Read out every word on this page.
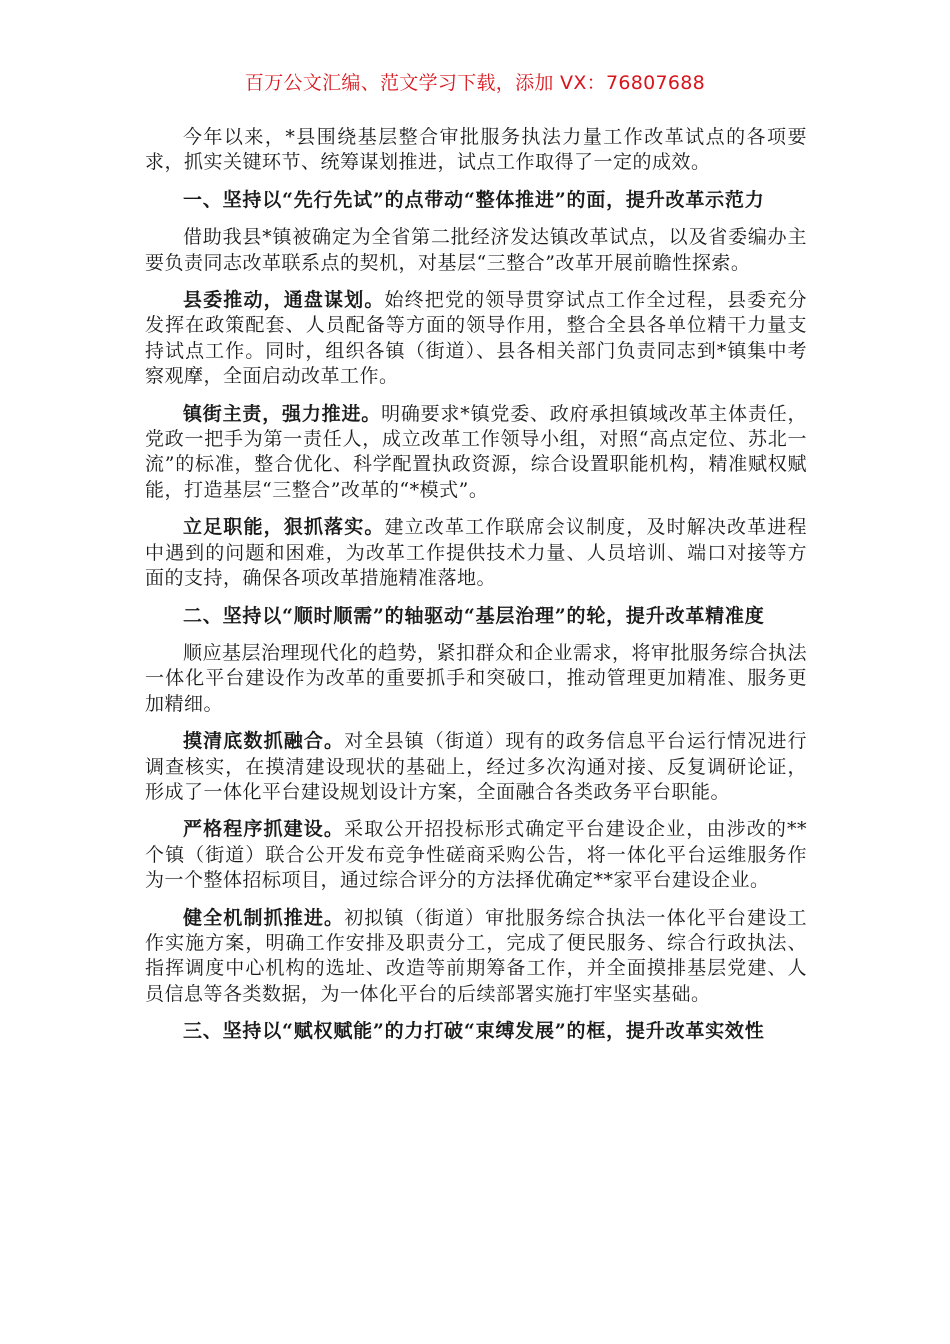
百万公文汇编、范文学习下载，添加 VX：76807688

今年以来，*县围绕基层整合审批服务执法力量工作改革试点的各项要求，抓实关键环节、统筹谋划推进，试点工作取得了一定的成效。

一、坚持以“先行先试”的点带动“整体推进”的面，提升改革示范力

借助我县*镇被确定为全省第二批经济发达镇改革试点，以及省委编办主要负责同志改革联系点的契机，对基层“三整合”改革开展前瞻性探索。

县委推动，通盘谋划。始终把党的领导贯穿试点工作全过程，县委充分发挥在政策配套、人员配备等方面的领导作用，整合全县各单位精干力量支持试点工作。同时，组织各镇（街道）、县各相关部门负责同志到*镇集中考察观摩，全面启动改革工作。

镇街主责，强力推进。明确要求*镇党委、政府承担镇域改革主体责任，党政一把手为第一责任人，成立改革工作领导小组，对照“高点定位、苏北一流”的标准，整合优化、科学配置执政资源，综合设置职能机构，精准赋权赋能，打造基层“三整合”改革的“*模式”。

立足职能，狠抓落实。建立改革工作联席会议制度，及时解决改革进程中遇到的问题和困难，为改革工作提供技术力量、人员培训、端口对接等方面的支持，确保各项改革措施精准落地。

二、坚持以“顺时顺需”的轴驱动“基层治理”的轮，提升改革精准度

顺应基层治理现代化的趋势，紧扣群众和企业需求，将审批服务综合执法一体化平台建设作为改革的重要抓手和突破口，推动管理更加精准、服务更加精细。

摸清底数抓融合。对全县镇（街道）现有的政务信息平台运行情况进行调查核实，在摸清建设现状的基础上，经过多次沟通对接、反复调研论证，形成了一体化平台建设规划设计方案，全面融合各类政务平台职能。

严格程序抓建设。采取公开招投标形式确定平台建设企业，由涉改的**个镇（街道）联合公开发布竞争性磋商采购公告，将一体化平台运维服务作为一个整体招标项目，通过综合评分的方法择优确定**家平台建设企业。

健全机制抓推进。初拟镇（街道）审批服务综合执法一体化平台建设工作实施方案，明确工作安排及职责分工，完成了便民服务、综合行政执法、指挥调度中心机构的选址、改造等前期筹备工作，并全面摸排基层党建、人员信息等各类数据，为一体化平台的后续部署实施打牢坚实基础。

三、坚持以“赋权赋能”的力打破“束缚发展”的框，提升改革实效性
